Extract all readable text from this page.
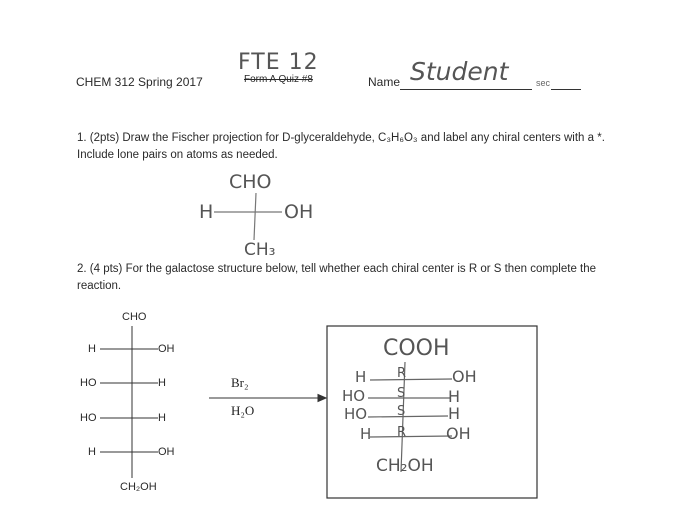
CHEM 312 Spring 2017
FTE 12
Form A Quiz #8	Name Student	sec
1. (2pts) Draw the Fischer projection for D-glyceraldehyde, C₃H₆O₃ and label any chiral centers with a *.
Include lone pairs on atoms as needed.
CHO
H	OH
CH₃
2. (4 pts) For the galactose structure below, tell whether each chiral center is R or S then complete the
reaction.
CHO
H	OH
HO	H
HO	H
H	OH
CH₂OH
Br₂
H₂O
COOH
H R	OH
HO S	H
HO S	H
H R OH
CH₂OH
